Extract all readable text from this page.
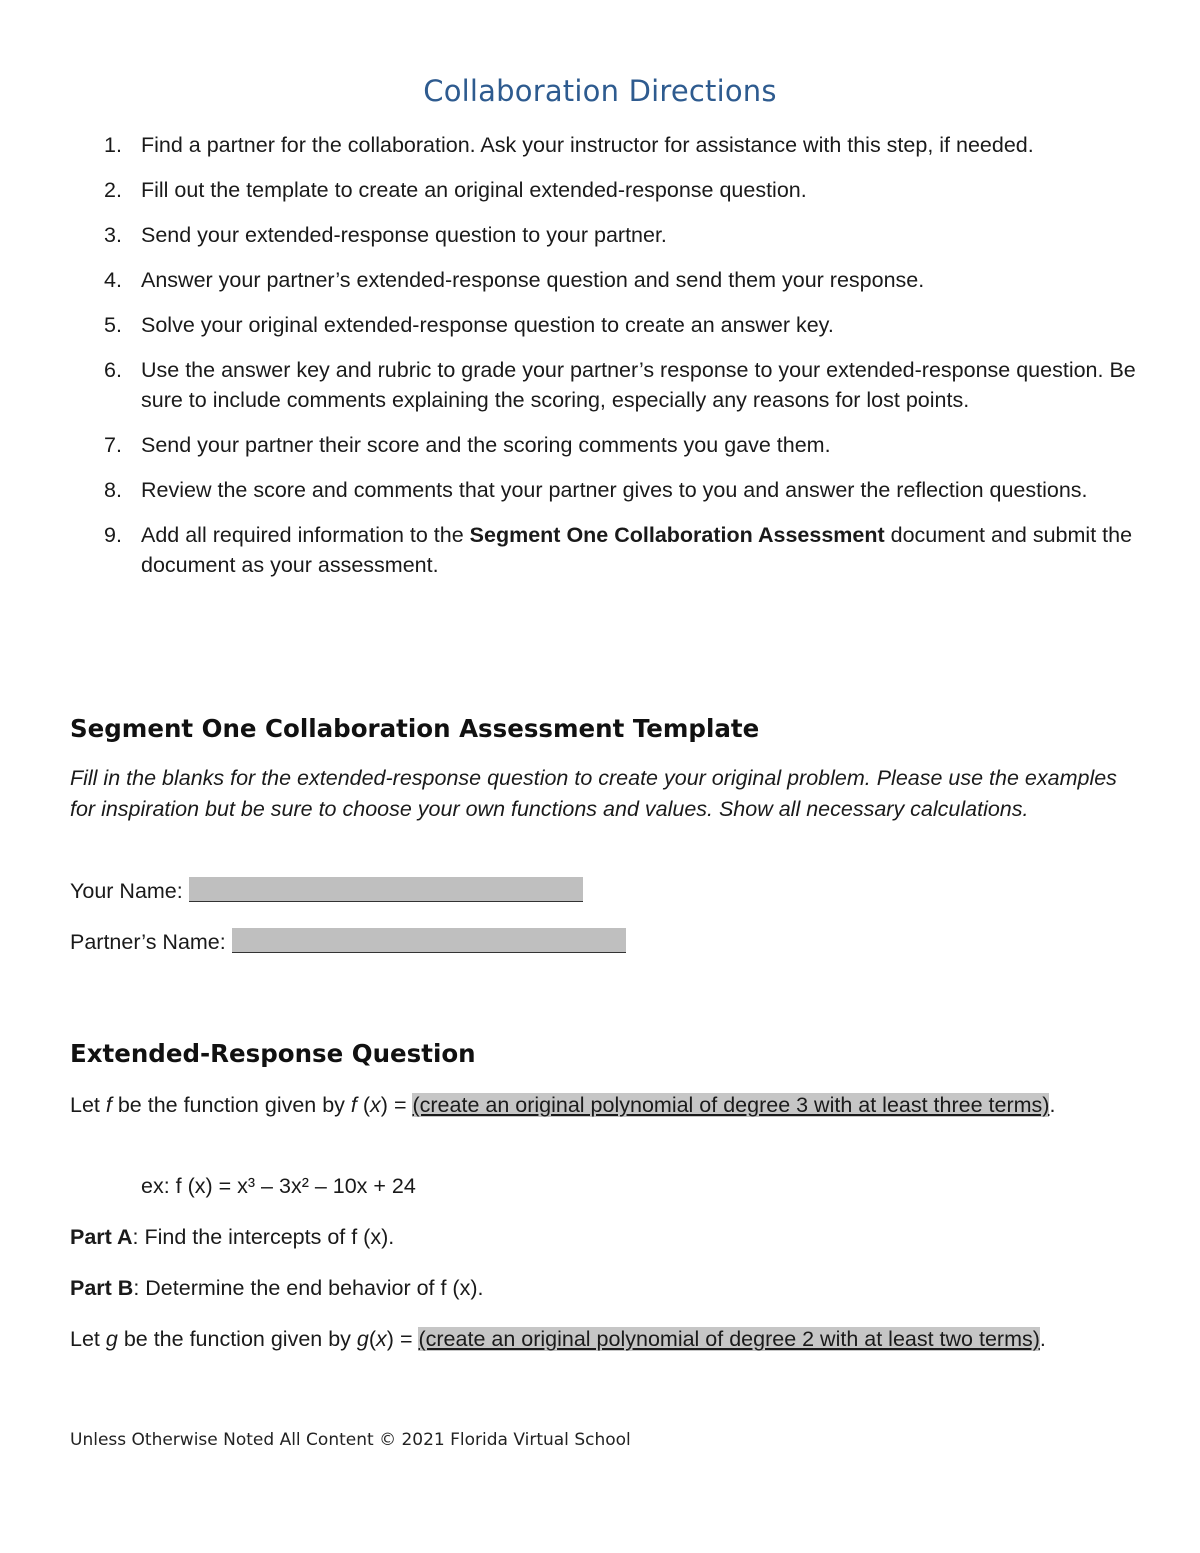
Collaboration Directions
1. Find a partner for the collaboration. Ask your instructor for assistance with this step, if needed.
2. Fill out the template to create an original extended-response question.
3. Send your extended-response question to your partner.
4. Answer your partner’s extended-response question and send them your response.
5. Solve your original extended-response question to create an answer key.
6. Use the answer key and rubric to grade your partner’s response to your extended-response question. Be sure to include comments explaining the scoring, especially any reasons for lost points.
7. Send your partner their score and the scoring comments you gave them.
8. Review the score and comments that your partner gives to you and answer the reflection questions.
9. Add all required information to the Segment One Collaboration Assessment document and submit the document as your assessment.
Segment One Collaboration Assessment Template
Fill in the blanks for the extended-response question to create your original problem. Please use the examples for inspiration but be sure to choose your own functions and values. Show all necessary calculations.
Your Name:
Partner’s Name:
Extended-Response Question
Let f be the function given by f (x) = (create an original polynomial of degree 3 with at least three terms).
ex: f (x) = x³ – 3x² – 10x + 24
Part A: Find the intercepts of f (x).
Part B: Determine the end behavior of f (x).
Let g be the function given by g(x) = (create an original polynomial of degree 2 with at least two terms).
Unless Otherwise Noted All Content © 2021 Florida Virtual School
